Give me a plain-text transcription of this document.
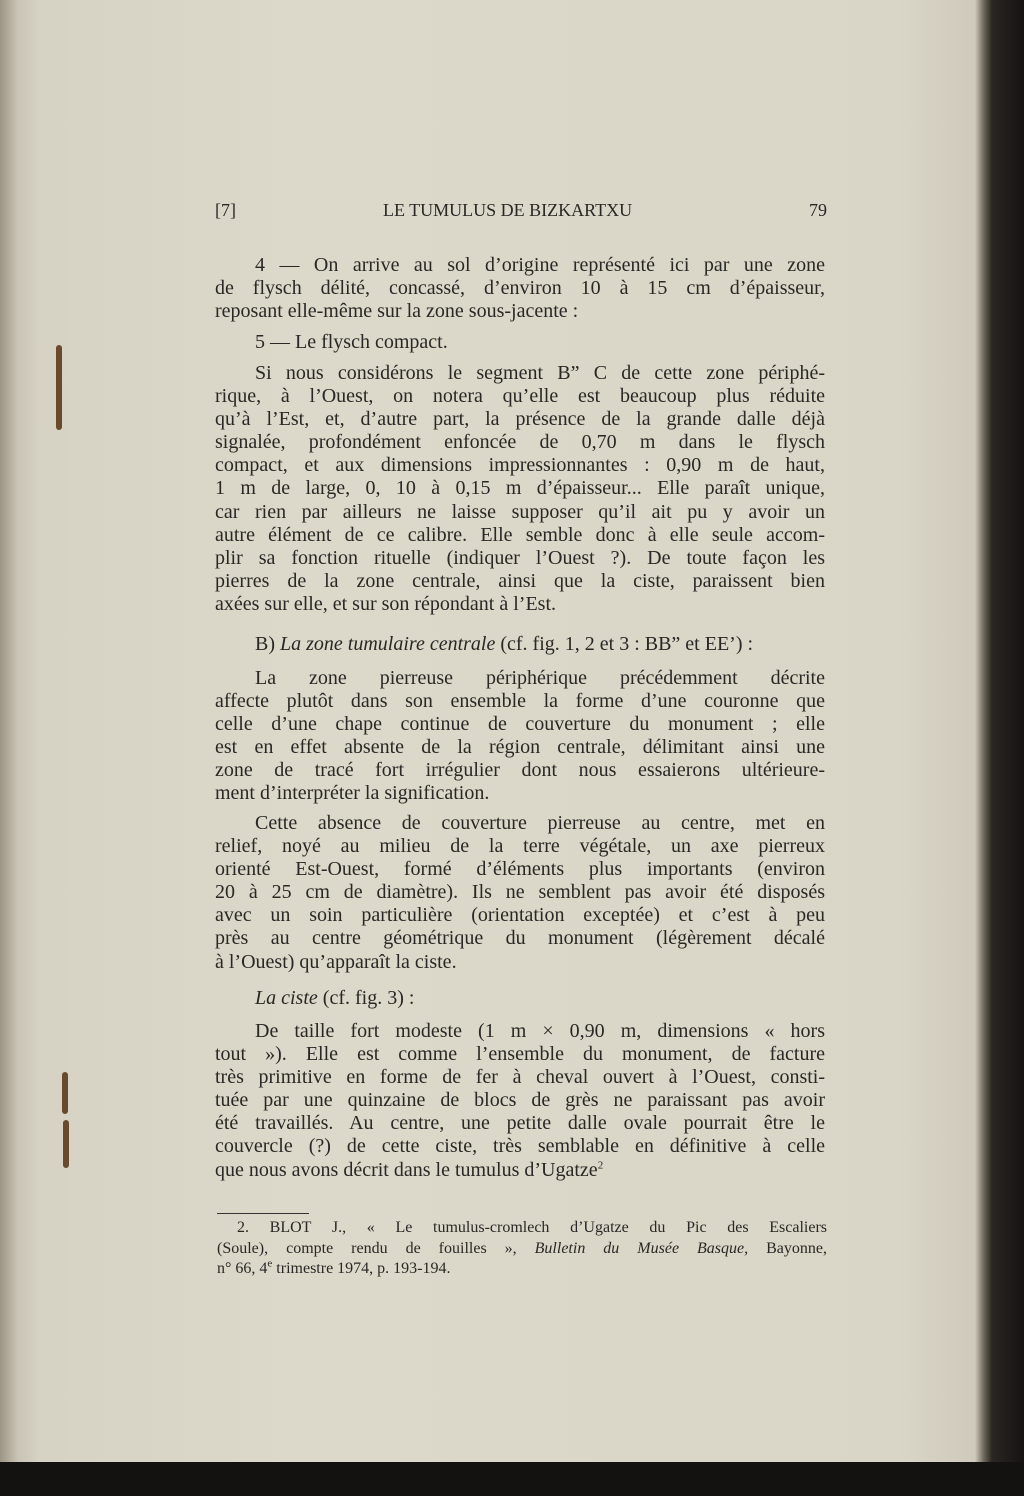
[7]	LE TUMULUS DE BIZKARTXU	79
4 — On arrive au sol d’origine représenté ici par une zone
de flysch délité, concassé, d’environ 10 à 15 cm d’épaisseur,
reposant elle-même sur la zone sous-jacente :
5 — Le flysch compact.
Si nous considérons le segment B” C de cette zone périphé-
rique, à l’Ouest, on notera qu’elle est beaucoup plus réduite
qu’à l’Est, et, d’autre part, la présence de la grande dalle déjà
signalée, profondément enfoncée de 0,70 m dans le flysch
compact, et aux dimensions impressionnantes : 0,90 m de haut,
1 m de large, 0, 10 à 0,15 m d’épaisseur... Elle paraît unique,
car rien par ailleurs ne laisse supposer qu’il ait pu y avoir un
autre élément de ce calibre. Elle semble donc à elle seule accom-
plir sa fonction rituelle (indiquer l’Ouest ?). De toute façon les
pierres de la zone centrale, ainsi que la ciste, paraissent bien
axées sur elle, et sur son répondant à l’Est.
B) La zone tumulaire centrale (cf. fig. 1, 2 et 3 : BB” et EE’) :
La zone pierreuse périphérique précédemment décrite
affecte plutôt dans son ensemble la forme d’une couronne que
celle d’une chape continue de couverture du monument ; elle
est en effet absente de la région centrale, délimitant ainsi une
zone de tracé fort irrégulier dont nous essaierons ultérieure-
ment d’interpréter la signification.
Cette absence de couverture pierreuse au centre, met en
relief, noyé au milieu de la terre végétale, un axe pierreux
orienté Est-Ouest, formé d’éléments plus importants (environ
20 à 25 cm de diamètre). Ils ne semblent pas avoir été disposés
avec un soin particulière (orientation exceptée) et c’est à peu
près au centre géométrique du monument (légèrement décalé
à l’Ouest) qu’apparaît la ciste.
La ciste (cf. fig. 3) :
De taille fort modeste (1 m × 0,90 m, dimensions « hors
tout »). Elle est comme l’ensemble du monument, de facture
très primitive en forme de fer à cheval ouvert à l’Ouest, consti-
tuée par une quinzaine de blocs de grès ne paraissant pas avoir
été travaillés. Au centre, une petite dalle ovale pourrait être le
couvercle (?) de cette ciste, très semblable en définitive à celle
que nous avons décrit dans le tumulus d’Ugatze$^2$
2. BLOT J., « Le tumulus-cromlech d’Ugatze du Pic des Escaliers
(Soule), compte rendu de fouilles », Bulletin du Musée Basque, Bayonne,
n° 66, 4e trimestre 1974, p. 193-194.
